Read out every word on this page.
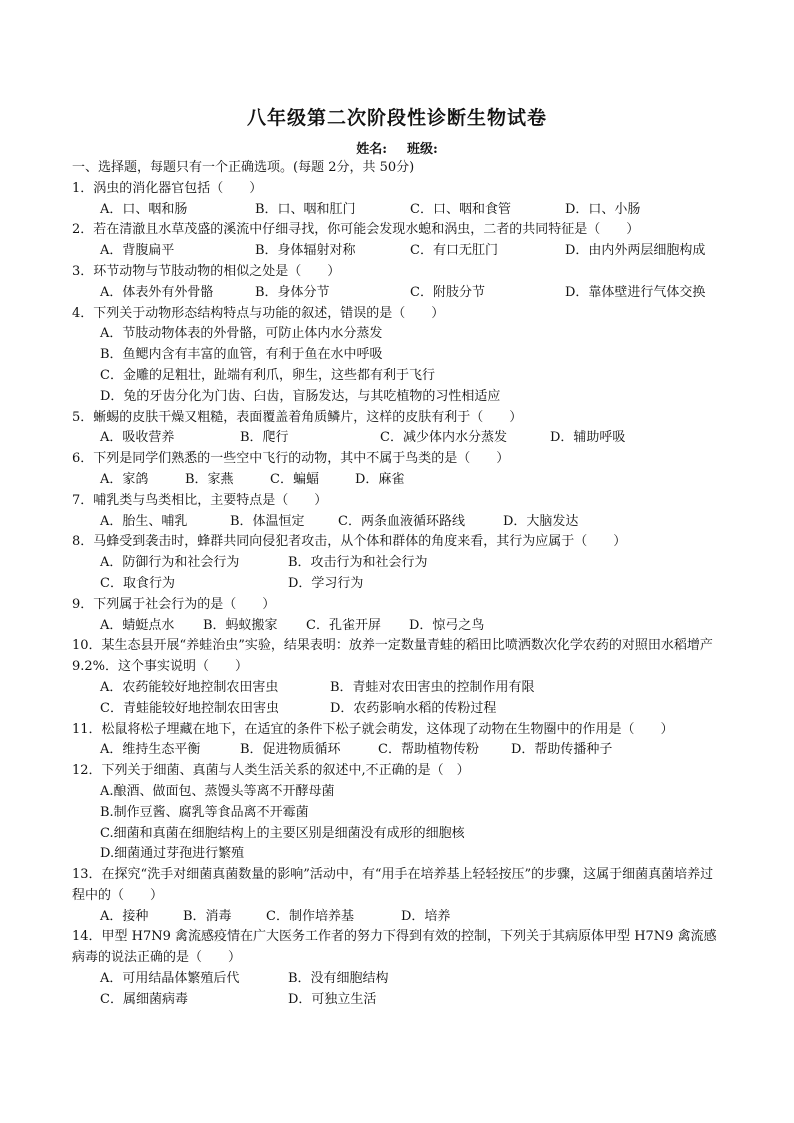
八年级第二次阶段性诊断生物试卷
姓名: 班级:
一、选择题，每题只有一个正确选项。(每题 2分，共 50分)
1．涡虫的消化器官包括（　　）
A．口、咽和肠	B．口、咽和肛门	C．口、咽和食管	D．口、小肠
2．若在清澈且水草茂盛的溪流中仔细寻找，你可能会发现水螅和涡虫，二者的共同特征是（　　）
A．背腹扁平	B．身体辐射对称	C．有口无肛门	D．由内外两层细胞构成
3．环节动物与节肢动物的相似之处是（　　）
A．体表外有外骨骼	B．身体分节	C．附肢分节	D．靠体壁进行气体交换
4．下列关于动物形态结构特点与功能的叙述，错误的是（　　）
A．节肢动物体表的外骨骼，可防止体内水分蒸发
B．鱼鳃内含有丰富的血管，有利于鱼在水中呼吸
C．金雕的足粗壮，趾端有利爪，卵生，这些都有利于飞行
D．兔的牙齿分化为门齿、臼齿，盲肠发达，与其吃植物的习性相适应
5．蜥蜴的皮肤干燥又粗糙，表面覆盖着角质鳞片，这样的皮肤有利于（　　）
A．吸收营养	B．爬行	C．减少体内水分蒸发	D．辅助呼吸
6．下列是同学们熟悉的一些空中飞行的动物，其中不属于鸟类的是（　　）
A．家鸽	B．家燕	C．蝙蝠	D．麻雀
7．哺乳类与鸟类相比，主要特点是（　　）
A．胎生、哺乳	B．体温恒定	C．两条血液循环路线	D．大脑发达
8．马蜂受到袭击时，蜂群共同向侵犯者攻击，从个体和群体的角度来看，其行为应属于（　　）
A．防御行为和社会行为	B．攻击行为和社会行为
C．取食行为	D．学习行为
9．下列属于社会行为的是（　　）
A．蜻蜓点水	B．蚂蚁搬家	C．孔雀开屏	D．惊弓之鸟
10．某生态县开展“养蛙治虫”实验，结果表明：放养一定数量青蛙的稻田比喷洒数次化学农药的对照田水稻增产 9.2%．这个事实说明（　　）
A．农药能较好地控制农田害虫	B．青蛙对农田害虫的控制作用有限
C．青蛙能较好地控制农田害虫	D．农药影响水稻的传粉过程
11．松鼠将松子埋藏在地下，在适宜的条件下松子就会萌发，这体现了动物在生物圈中的作用是（　　）
A．维持生态平衡	B．促进物质循环	C．帮助植物传粉	D．帮助传播种子
12．下列关于细菌、真菌与人类生活关系的叙述中,不正确的是（　）
A.酿酒、做面包、蒸馒头等离不开酵母菌
B.制作豆酱、腐乳等食品离不开霉菌
C.细菌和真菌在细胞结构上的主要区别是细菌没有成形的细胞核
D.细菌通过芽孢进行繁殖
13．在探究“洗手对细菌真菌数量的影响”活动中，有“用手在培养基上轻轻按压”的步骤，这属于细菌真菌培养过程中的（　　）
A．接种	B．消毒	C．制作培养基	D．培养
14．甲型 H7N9 禽流感疫情在广大医务工作者的努力下得到有效的控制，下列关于其病原体甲型 H7N9 禽流感病毒的说法正确的是（　　）
A．可用结晶体繁殖后代	B．没有细胞结构
C．属细菌病毒	D．可独立生活
